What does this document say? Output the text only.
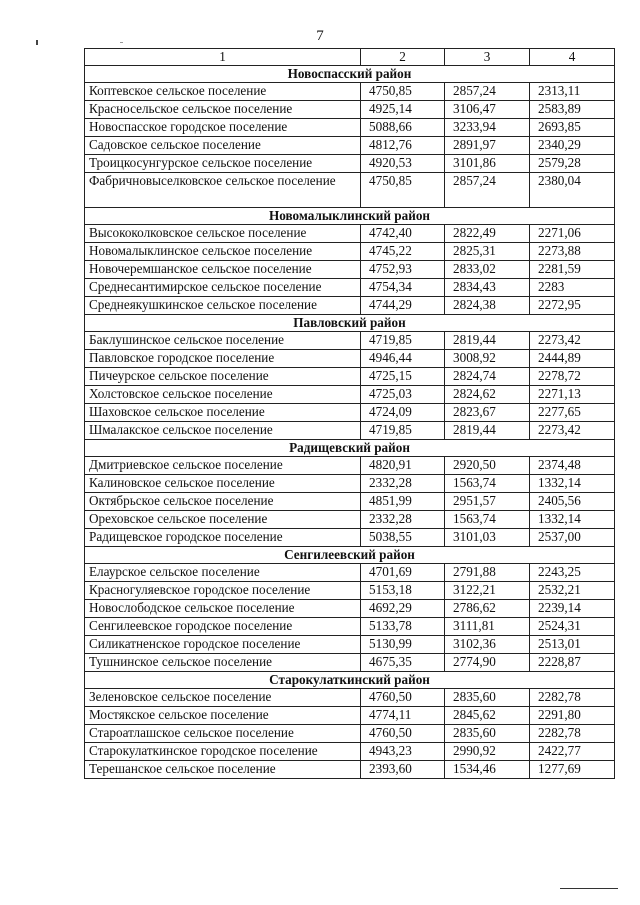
7
1	2	3	4
Новоспасский район			
Коптевское сельское поселение	4750,85	2857,24	2313,11
Красносельское сельское поселение	4925,14	3106,47	2583,89
Новоспасское городское поселение	5088,66	3233,94	2693,85
Садовское сельское поселение	4812,76	2891,97	2340,29
Троицкосунгурское сельское поселение	4920,53	3101,86	2579,28
Фабричновыселковское сельское поселение	4750,85	2857,24	2380,04
Новомалыклинский район			
Высококолковское сельское поселение	4742,40	2822,49	2271,06
Новомалыклинское сельское поселение	4745,22	2825,31	2273,88
Новочеремшанское сельское поселение	4752,93	2833,02	2281,59
Среднесантимирское сельское поселение	4754,34	2834,43	2283
Среднеякушкинское сельское поселение	4744,29	2824,38	2272,95
Павловский район			
Баклушинское сельское поселение	4719,85	2819,44	2273,42
Павловское городское поселение	4946,44	3008,92	2444,89
Пичеурское сельское поселение	4725,15	2824,74	2278,72
Холстовское сельское поселение	4725,03	2824,62	2271,13
Шаховское сельское поселение	4724,09	2823,67	2277,65
Шмалакское сельское поселение	4719,85	2819,44	2273,42
Радищевский район			
Дмитриевское сельское поселение	4820,91	2920,50	2374,48
Калиновское сельское поселение	2332,28	1563,74	1332,14
Октябрьское сельское поселение	4851,99	2951,57	2405,56
Ореховское сельское поселение	2332,28	1563,74	1332,14
Радищевское городское поселение	5038,55	3101,03	2537,00
Сенгилеевский район			
Елаурское сельское поселение	4701,69	2791,88	2243,25
Красногуляевское городское поселение	5153,18	3122,21	2532,21
Новослободское сельское поселение	4692,29	2786,62	2239,14
Сенгилеевское городское поселение	5133,78	3111,81	2524,31
Силикатненское городское поселение	5130,99	3102,36	2513,01
Тушнинское сельское поселение	4675,35	2774,90	2228,87
Старокулаткинский район			
Зеленовское сельское поселение	4760,50	2835,60	2282,78
Мостякское сельское поселение	4774,11	2845,62	2291,80
Староатлашское сельское поселение	4760,50	2835,60	2282,78
Старокулаткинское городское поселение	4943,23	2990,92	2422,77
Терешанское сельское поселение	2393,60	1534,46	1277,69
